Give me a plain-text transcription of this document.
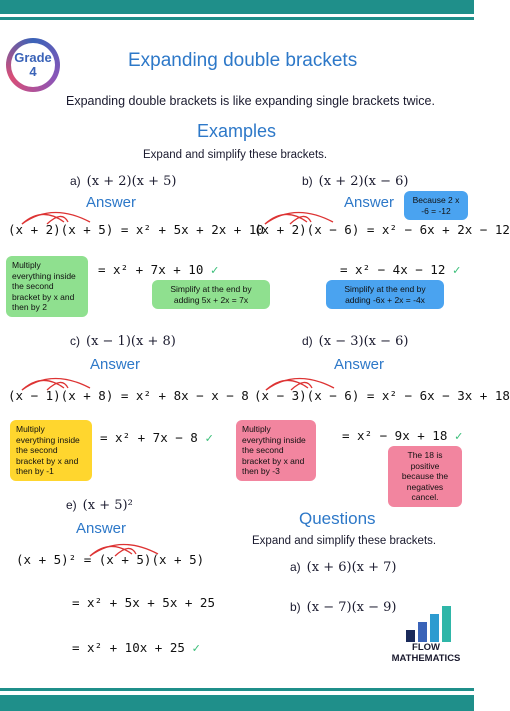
Grade
4
Expanding double brackets
Expanding double brackets is like expanding single brackets twice.
Examples
Expand and simplify these brackets.
a) (x + 2)(x + 5)
Answer
(x + 2)(x + 5) = x² + 5x + 2x + 10
Multiply everything inside the second bracket by x and then by 2
= x² + 7x + 10 ✓
Simplify at the end by adding 5x + 2x = 7x
b) (x + 2)(x − 6)
Because 2 x -6 = -12
Answer
(x + 2)(x − 6) = x² − 6x + 2x − 12
= x² − 4x − 12 ✓
Simplify at the end by adding -6x + 2x = -4x
c) (x − 1)(x + 8)
Answer
(x − 1)(x + 8) = x² + 8x − x − 8
Multiply everything inside the second bracket by x and then by -1
= x² + 7x − 8 ✓
d) (x − 3)(x − 6)
Answer
(x − 3)(x − 6) = x² − 6x − 3x + 18
Multiply everything inside the second bracket by x and then by -3
= x² − 9x + 18 ✓
The 18 is positive because the negatives cancel.
e) (x + 5)²
Answer
(x + 5)² = (x + 5)(x + 5)
= x² + 5x + 5x + 25
= x² + 10x + 25 ✓
Questions
Expand and simplify these brackets.
a) (x + 6)(x + 7)
b) (x − 7)(x − 9)
FLOW
MATHEMATICS
